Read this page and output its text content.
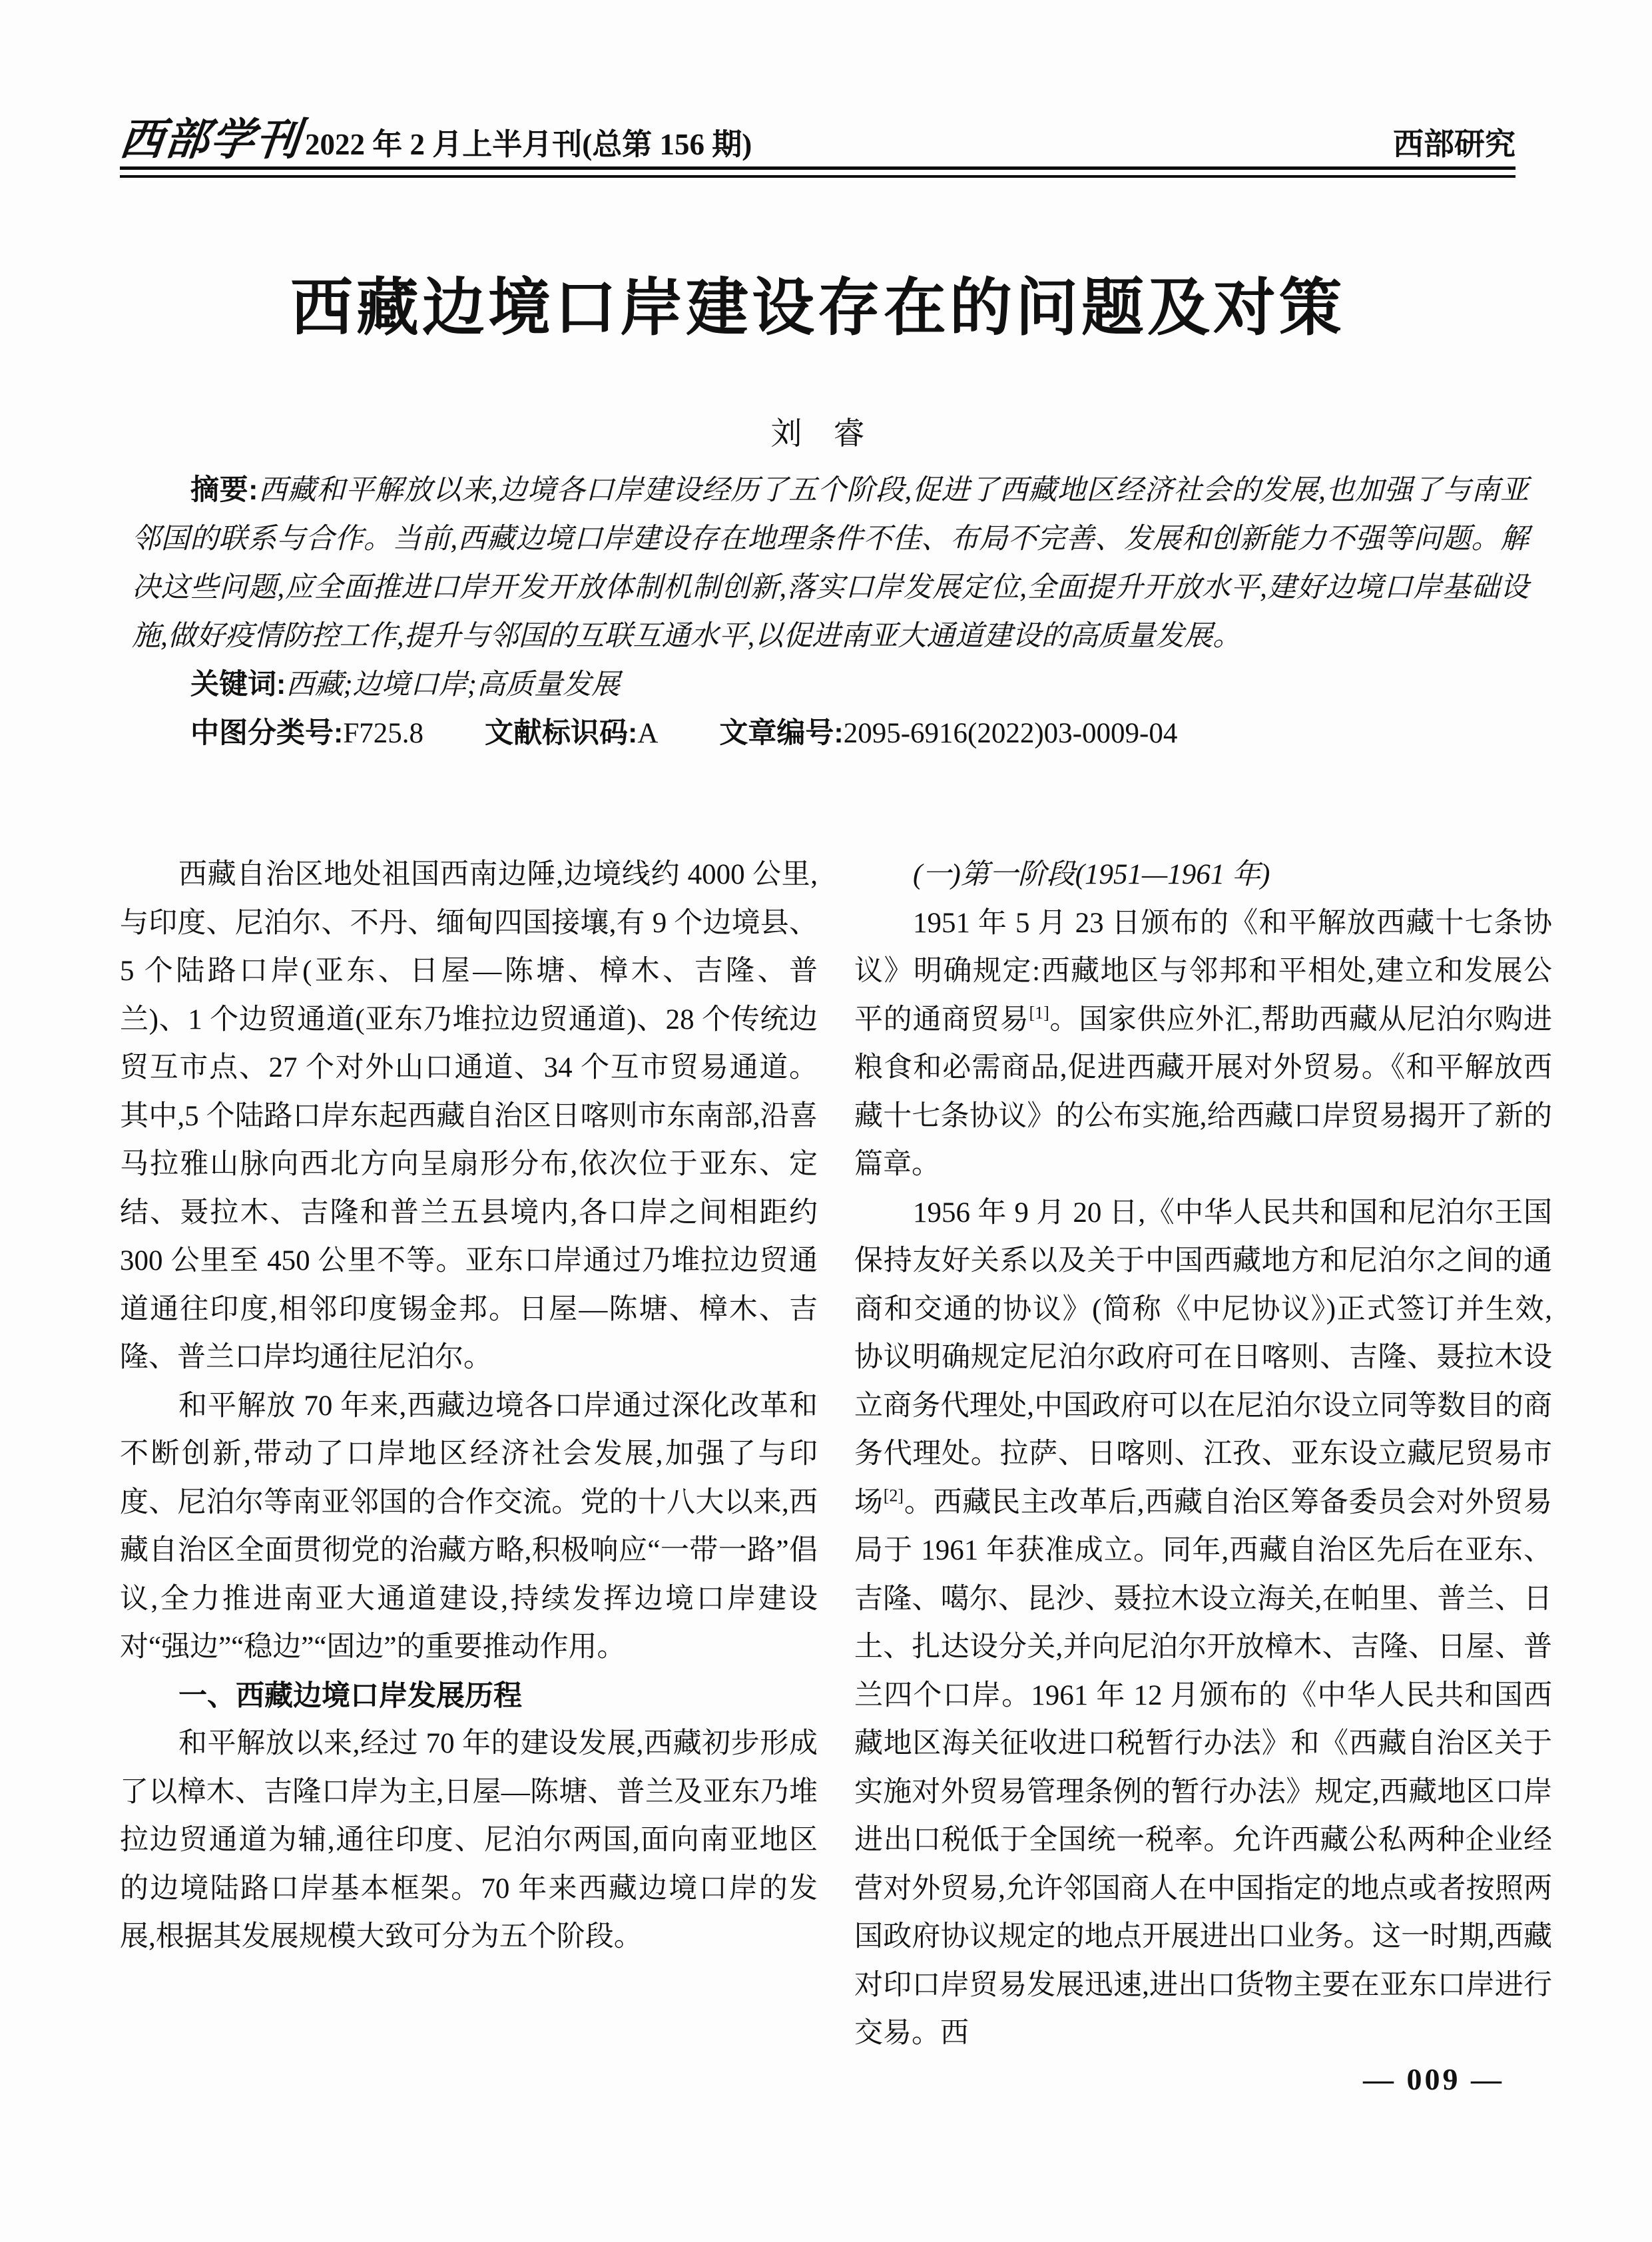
西部学刊 2022 年 2 月上半月刊(总第 156 期)	西部研究
西藏边境口岸建设存在的问题及对策
刘　睿

摘要:西藏和平解放以来,边境各口岸建设经历了五个阶段,促进了西藏地区经济社会的发展,也加强了与南亚邻国的联系与合作。当前,西藏边境口岸建设存在地理条件不佳、布局不完善、发展和创新能力不强等问题。解决这些问题,应全面推进口岸开发开放体制机制创新,落实口岸发展定位,全面提升开放水平,建好边境口岸基础设施,做好疫情防控工作,提升与邻国的互联互通水平,以促进南亚大通道建设的高质量发展。

关键词:西藏;边境口岸;高质量发展

中图分类号:F725.8 文献标识码:A 文章编号:2095-6916(2022)03-0009-04

西藏自治区地处祖国西南边陲,边境线约 4000 公里,与印度、尼泊尔、不丹、缅甸四国接壤,有 9 个边境县、5 个陆路口岸(亚东、日屋—陈塘、樟木、吉隆、普兰)、1 个边贸通道(亚东乃堆拉边贸通道)、28 个传统边贸互市点、27 个对外山口通道、34 个互市贸易通道。其中,5 个陆路口岸东起西藏自治区日喀则市东南部,沿喜马拉雅山脉向西北方向呈扇形分布,依次位于亚东、定结、聂拉木、吉隆和普兰五县境内,各口岸之间相距约 300 公里至 450 公里不等。亚东口岸通过乃堆拉边贸通道通往印度,相邻印度锡金邦。日屋—陈塘、樟木、吉隆、普兰口岸均通往尼泊尔。

和平解放 70 年来,西藏边境各口岸通过深化改革和不断创新,带动了口岸地区经济社会发展,加强了与印度、尼泊尔等南亚邻国的合作交流。党的十八大以来,西藏自治区全面贯彻党的治藏方略,积极响应“一带一路”倡议,全力推进南亚大通道建设,持续发挥边境口岸建设对“强边”“稳边”“固边”的重要推动作用。

一、西藏边境口岸发展历程

和平解放以来,经过 70 年的建设发展,西藏初步形成了以樟木、吉隆口岸为主,日屋—陈塘、普兰及亚东乃堆拉边贸通道为辅,通往印度、尼泊尔两国,面向南亚地区的边境陆路口岸基本框架。70 年来西藏边境口岸的发展,根据其发展规模大致可分为五个阶段。

(一)第一阶段(1951—1961 年)

1951 年 5 月 23 日颁布的《和平解放西藏十七条协议》明确规定:西藏地区与邻邦和平相处,建立和发展公平的通商贸易[1]。国家供应外汇,帮助西藏从尼泊尔购进粮食和必需商品,促进西藏开展对外贸易。《和平解放西藏十七条协议》的公布实施,给西藏口岸贸易揭开了新的篇章。

1956 年 9 月 20 日,《中华人民共和国和尼泊尔王国保持友好关系以及关于中国西藏地方和尼泊尔之间的通商和交通的协议》(简称《中尼协议》)正式签订并生效,协议明确规定尼泊尔政府可在日喀则、吉隆、聂拉木设立商务代理处,中国政府可以在尼泊尔设立同等数目的商务代理处。拉萨、日喀则、江孜、亚东设立藏尼贸易市场[2]。西藏民主改革后,西藏自治区筹备委员会对外贸易局于 1961 年获准成立。同年,西藏自治区先后在亚东、吉隆、噶尔、昆沙、聂拉木设立海关,在帕里、普兰、日土、扎达设分关,并向尼泊尔开放樟木、吉隆、日屋、普兰四个口岸。1961 年 12 月颁布的《中华人民共和国西藏地区海关征收进口税暂行办法》和《西藏自治区关于实施对外贸易管理条例的暂行办法》规定,西藏地区口岸进出口税低于全国统一税率。允许西藏公私两种企业经营对外贸易,允许邻国商人在中国指定的地点或者按照两国政府协议规定的地点开展进出口业务。这一时期,西藏对印口岸贸易发展迅速,进出口货物主要在亚东口岸进行交易。西

— 009 —
